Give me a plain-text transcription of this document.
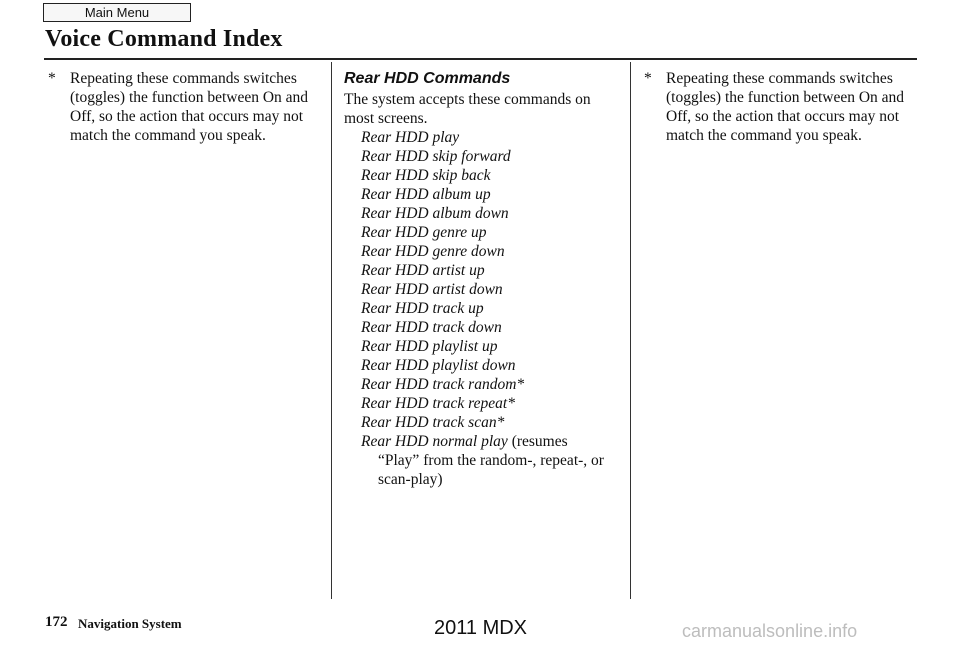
Main Menu
Voice Command Index
* Repeating these commands switches (toggles) the function between On and Off, so the action that occurs may not match the command you speak.
Rear HDD Commands

The system accepts these commands on most screens.

Rear HDD play
Rear HDD skip forward
Rear HDD skip back
Rear HDD album up
Rear HDD album down
Rear HDD genre up
Rear HDD genre down
Rear HDD artist up
Rear HDD artist down
Rear HDD track up
Rear HDD track down
Rear HDD playlist up
Rear HDD playlist down
Rear HDD track random*
Rear HDD track repeat*
Rear HDD track scan*
Rear HDD normal play (resumes
“Play” from the random-, repeat-, or scan-play)
* Repeating these commands switches (toggles) the function between On and Off, so the action that occurs may not match the command you speak.
172 Navigation System	2011 MDX	carmanualsonline.info
